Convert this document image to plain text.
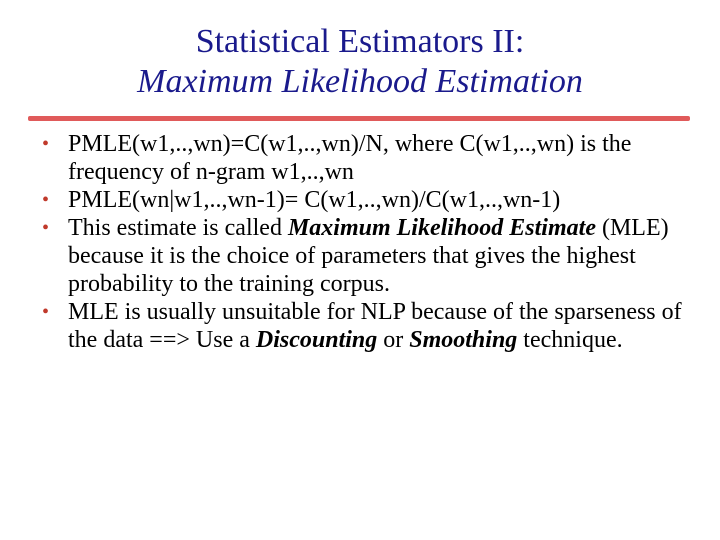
Statistical Estimators II:
Maximum Likelihood Estimation
• PMLE(w1,..,wn)=C(w1,..,wn)/N, where C(w1,..,wn) is the frequency of n-gram w1,..,wn
• PMLE(wn|w1,..,wn-1)= C(w1,..,wn)/C(w1,..,wn-1)
• This estimate is called Maximum Likelihood Estimate (MLE) because it is the choice of parameters that gives the highest probability to the training corpus.
• MLE is usually unsuitable for NLP because of the sparseness of the data ==> Use a Discounting or Smoothing technique.
